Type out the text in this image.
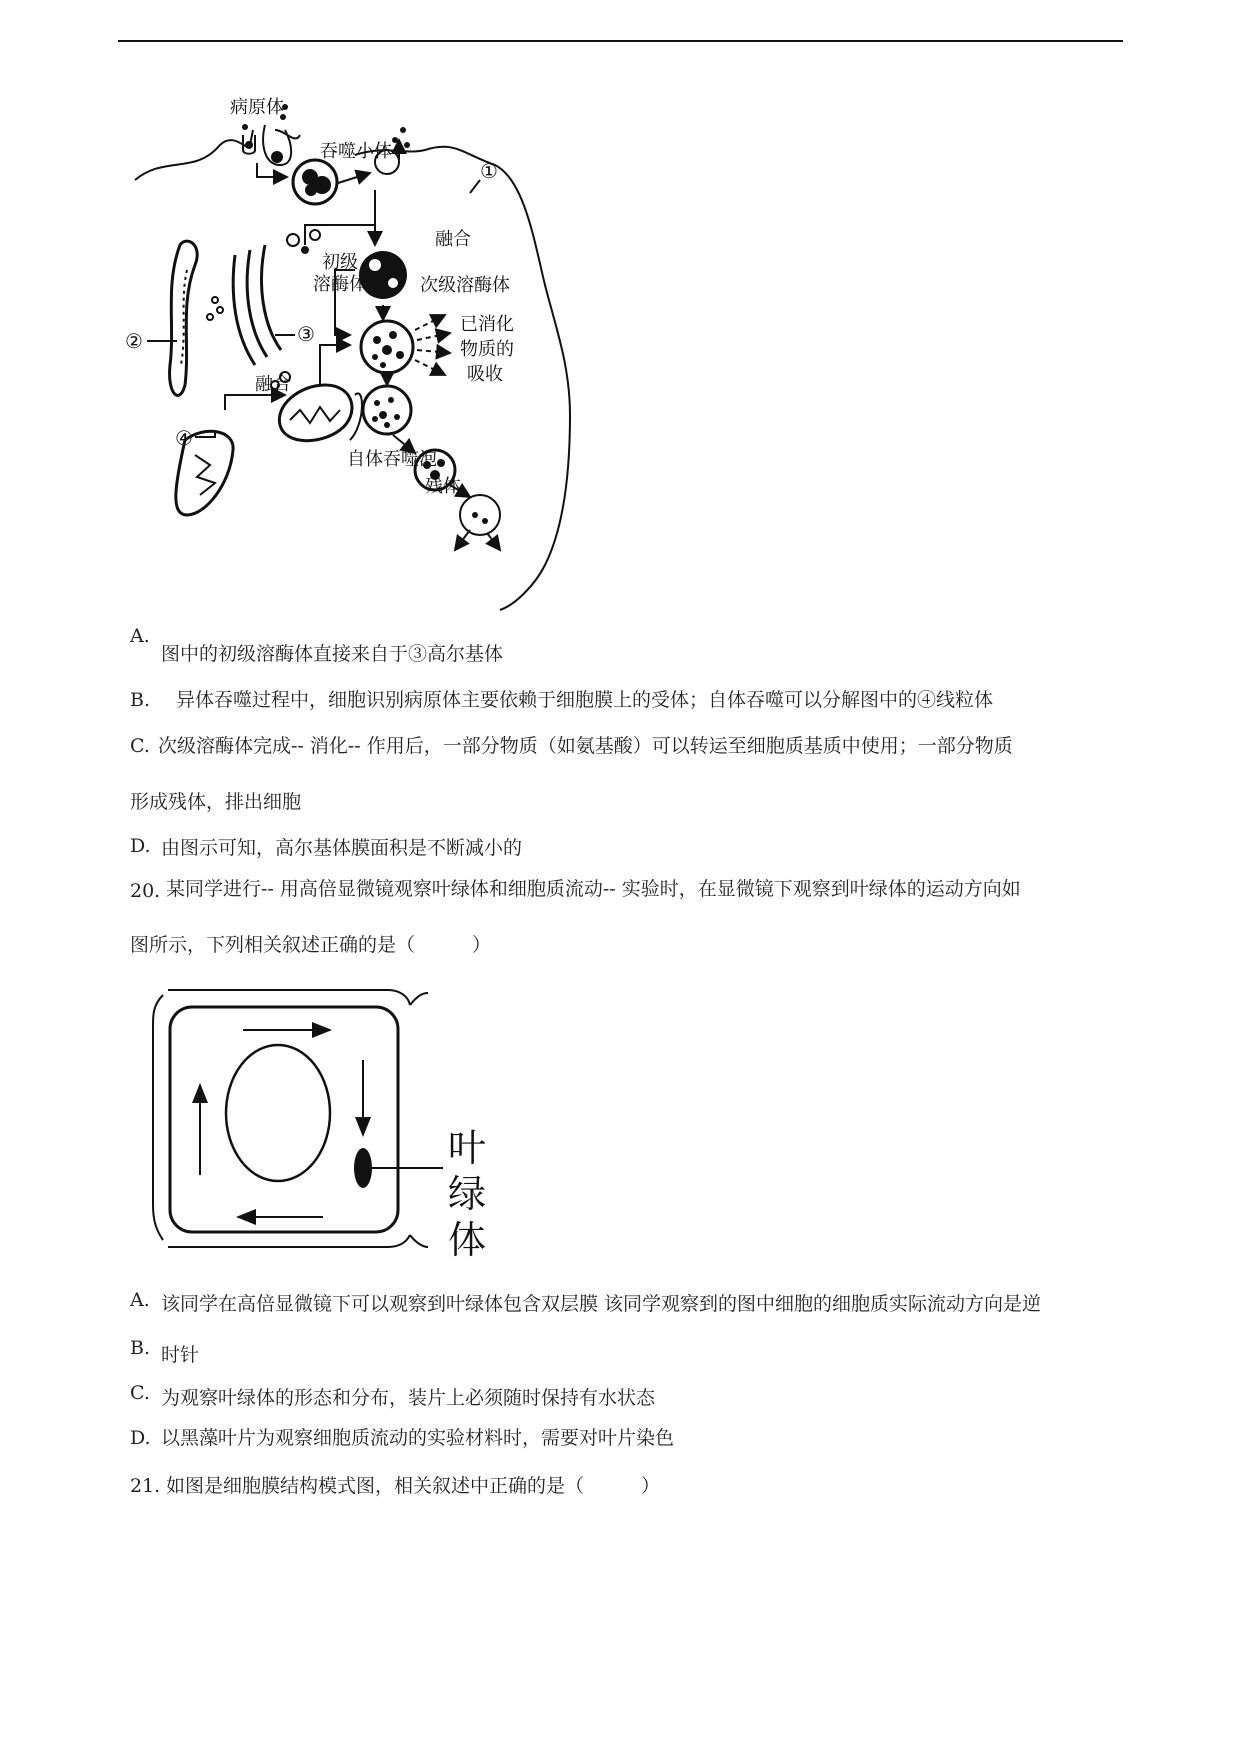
病原体
吞噬小体
融合
初级
溶酶体	次级溶酶体
已消化
物质的
吸收
融合
自体吞噬泡
残体
①
②	③
④
A.
图中的初级溶酶体直接来自于③高尔基体
B. 异体吞噬过程中，细胞识别病原体主要依赖于细胞膜上的受体；自体吞噬可以分解图中的④线粒体
C. 次级溶酶体完成-- 消化-- 作用后，一部分物质（如氨基酸）可以转运至细胞质基质中使用；一部分物质
形成残体，排出细胞
D. 由图示可知，高尔基体膜面积是不断减小的
20. 某同学进行-- 用高倍显微镜观察叶绿体和细胞质流动-- 实验时，在显微镜下观察到叶绿体的运动方向如
图所示，下列相关叙述正确的是（　　　）
叶
绿
体
A. 该同学在高倍显微镜下可以观察到叶绿体包含双层膜 该同学观察到的图中细胞的细胞质实际流动方向是逆
B. 时针
C. 为观察叶绿体的形态和分布，装片上必须随时保持有水状态
D. 以黑藻叶片为观察细胞质流动的实验材料时，需要对叶片染色
21. 如图是细胞膜结构模式图，相关叙述中正确的是（　　　）
